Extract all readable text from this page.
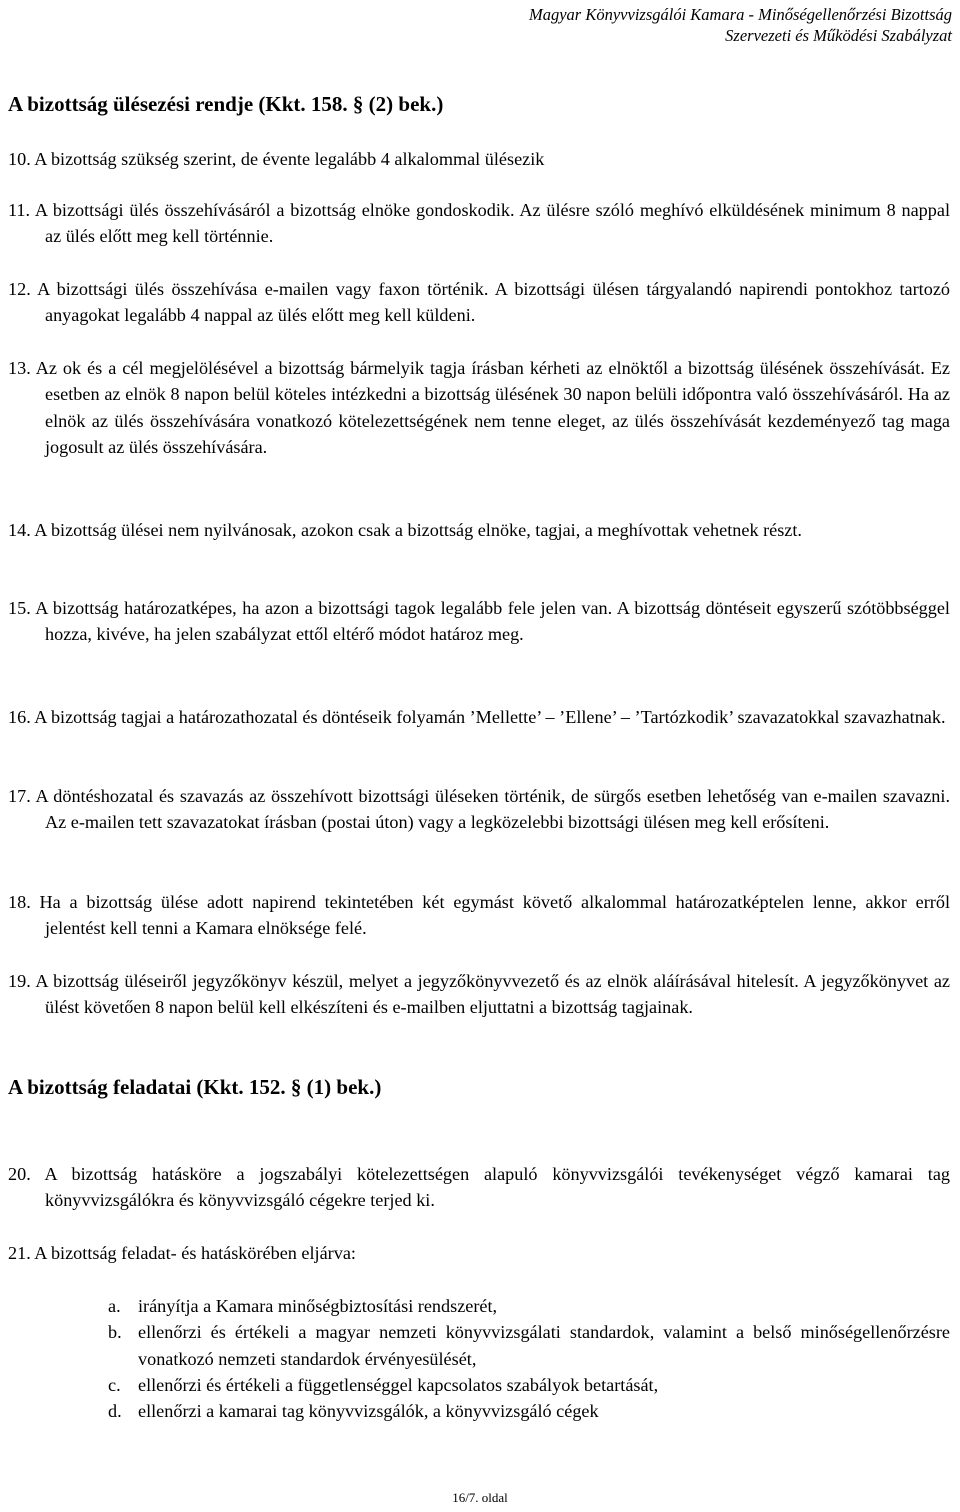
Magyar Könyvvizsgálói Kamara - Minőségellenőrzési Bizottság
Szervezeti és Működési Szabályzat
A bizottság ülésezési rendje (Kkt. 158. § (2) bek.)
10. A bizottság szükség szerint, de évente legalább 4 alkalommal ülésezik
11. A bizottsági ülés összehívásáról a bizottság elnöke gondoskodik. Az ülésre szóló meghívó elküldésének minimum 8 nappal az ülés előtt meg kell történnie.
12. A bizottsági ülés összehívása e-mailen vagy faxon történik. A bizottsági ülésen tárgyalandó napirendi pontokhoz tartozó anyagokat legalább 4 nappal az ülés előtt meg kell küldeni.
13. Az ok és a cél megjelölésével a bizottság bármelyik tagja írásban kérheti az elnöktől a bizottság ülésének összehívását. Ez esetben az elnök 8 napon belül köteles intézkedni a bizottság ülésének 30 napon belüli időpontra való összehívásáról. Ha az elnök az ülés összehívására vonatkozó kötelezettségének nem tenne eleget, az ülés összehívását kezdeményező tag maga jogosult az ülés összehívására.
14. A bizottság ülései nem nyilvánosak, azokon csak a bizottság elnöke, tagjai, a meghívottak vehetnek részt.
15. A bizottság határozatképes, ha azon a bizottsági tagok legalább fele jelen van. A bizottság döntéseit egyszerű szótöbbséggel hozza, kivéve, ha jelen szabályzat ettől eltérő módot határoz meg.
16. A bizottság tagjai a határozathozatal és döntéseik folyamán ’Mellette’ – ’Ellene’ – ’Tartózkodik’ szavazatokkal szavazhatnak.
17. A döntéshozatal és szavazás az összehívott bizottsági üléseken történik, de sürgős esetben lehetőség van e-mailen szavazni. Az e-mailen tett szavazatokat írásban (postai úton) vagy a legközelebbi bizottsági ülésen meg kell erősíteni.
18. Ha a bizottság ülése adott napirend tekintetében két egymást követő alkalommal határozatképtelen lenne, akkor erről jelentést kell tenni a Kamara elnöksége felé.
19. A bizottság üléseiről jegyzőkönyv készül, melyet a jegyzőkönyvvezető és az elnök aláírásával hitelesít. A jegyzőkönyvet az ülést követően 8 napon belül kell elkészíteni és e-mailben eljuttatni a bizottság tagjainak.
A bizottság feladatai (Kkt. 152. § (1) bek.)
20. A bizottság hatásköre a jogszabályi kötelezettségen alapuló könyvvizsgálói tevékenységet végző kamarai tag könyvvizsgálókra és könyvvizsgáló cégekre terjed ki.
21. A bizottság feladat- és hatáskörében eljárva:
a. irányítja a Kamara minőségbiztosítási rendszerét,
b. ellenőrzi és értékeli a magyar nemzeti könyvvizsgálati standardok, valamint a belső minőségellenőrzésre vonatkozó nemzeti standardok érvényesülését,
c. ellenőrzi és értékeli a függetlenséggel kapcsolatos szabályok betartását,
d. ellenőrzi a kamarai tag könyvvizsgálók, a könyvvizsgáló cégek
16/7. oldal
